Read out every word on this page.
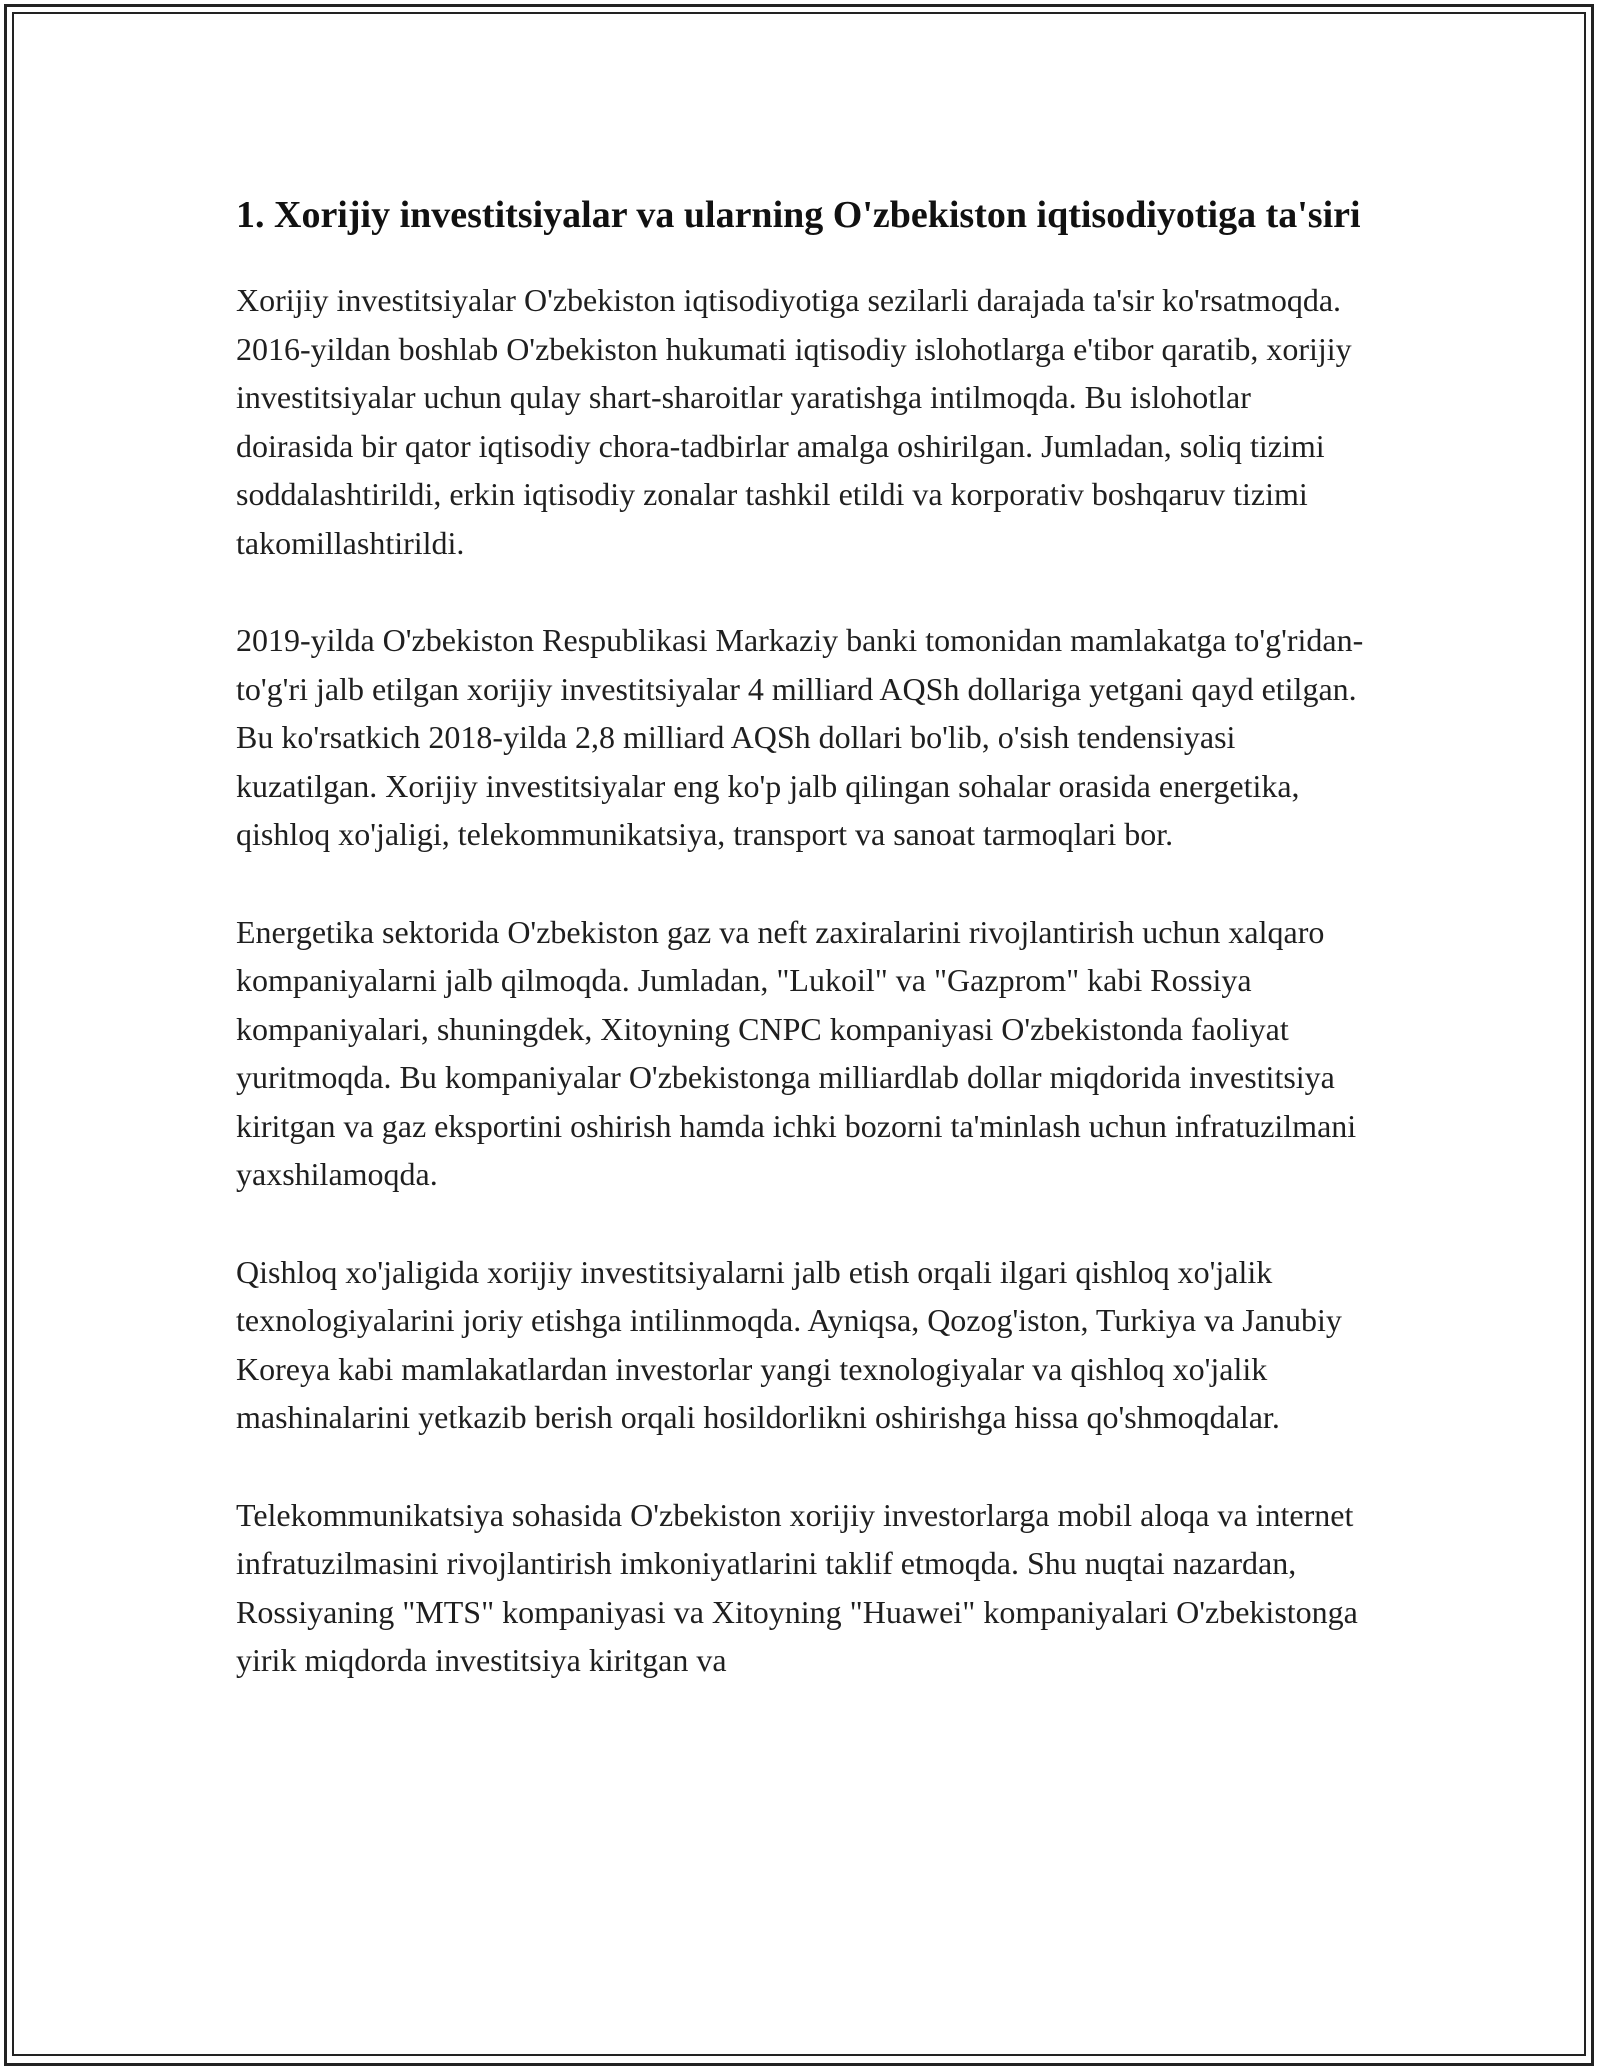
1. Xorijiy investitsiyalar va ularning O'zbekiston iqtisodiyotiga ta'siri

Xorijiy investitsiyalar O'zbekiston iqtisodiyotiga sezilarli darajada ta'sir ko'rsatmoqda. 2016-yildan boshlab O'zbekiston hukumati iqtisodiy islohotlarga e'tibor qaratib, xorijiy investitsiyalar uchun qulay shart-sharoitlar yaratishga intilmoqda. Bu islohotlar doirasida bir qator iqtisodiy chora-tadbirlar amalga oshirilgan. Jumladan, soliq tizimi soddalashtirildi, erkin iqtisodiy zonalar tashkil etildi va korporativ boshqaruv tizimi takomillashtirildi.

2019-yilda O'zbekiston Respublikasi Markaziy banki tomonidan mamlakatga to'g'ridan-to'g'ri jalb etilgan xorijiy investitsiyalar 4 milliard AQSh dollariga yetgani qayd etilgan. Bu ko'rsatkich 2018-yilda 2,8 milliard AQSh dollari bo'lib, o'sish tendensiyasi kuzatilgan. Xorijiy investitsiyalar eng ko'p jalb qilingan sohalar orasida energetika, qishloq xo'jaligi, telekommunikatsiya, transport va sanoat tarmoqlari bor.

Energetika sektorida O'zbekiston gaz va neft zaxiralarini rivojlantirish uchun xalqaro kompaniyalarni jalb qilmoqda. Jumladan, "Lukoil" va "Gazprom" kabi Rossiya kompaniyalari, shuningdek, Xitoyning CNPC kompaniyasi O'zbekistonda faoliyat yuritmoqda. Bu kompaniyalar O'zbekistonga milliardlab dollar miqdorida investitsiya kiritgan va gaz eksportini oshirish hamda ichki bozorni ta'minlash uchun infratuzilmani yaxshilamoqda.

Qishloq xo'jaligida xorijiy investitsiyalarni jalb etish orqali ilgari qishloq xo'jalik texnologiyalarini joriy etishga intilinmoqda. Ayniqsa, Qozog'iston, Turkiya va Janubiy Koreya kabi mamlakatlardan investorlar yangi texnologiyalar va qishloq xo'jalik mashinalarini yetkazib berish orqali hosildorlikni oshirishga hissa qo'shmoqdalar.

Telekommunikatsiya sohasida O'zbekiston xorijiy investorlarga mobil aloqa va internet infratuzilmasini rivojlantirish imkoniyatlarini taklif etmoqda. Shu nuqtai nazardan, Rossiyaning "MTS" kompaniyasi va Xitoyning "Huawei" kompaniyalari O'zbekistonga yirik miqdorda investitsiya kiritgan va
